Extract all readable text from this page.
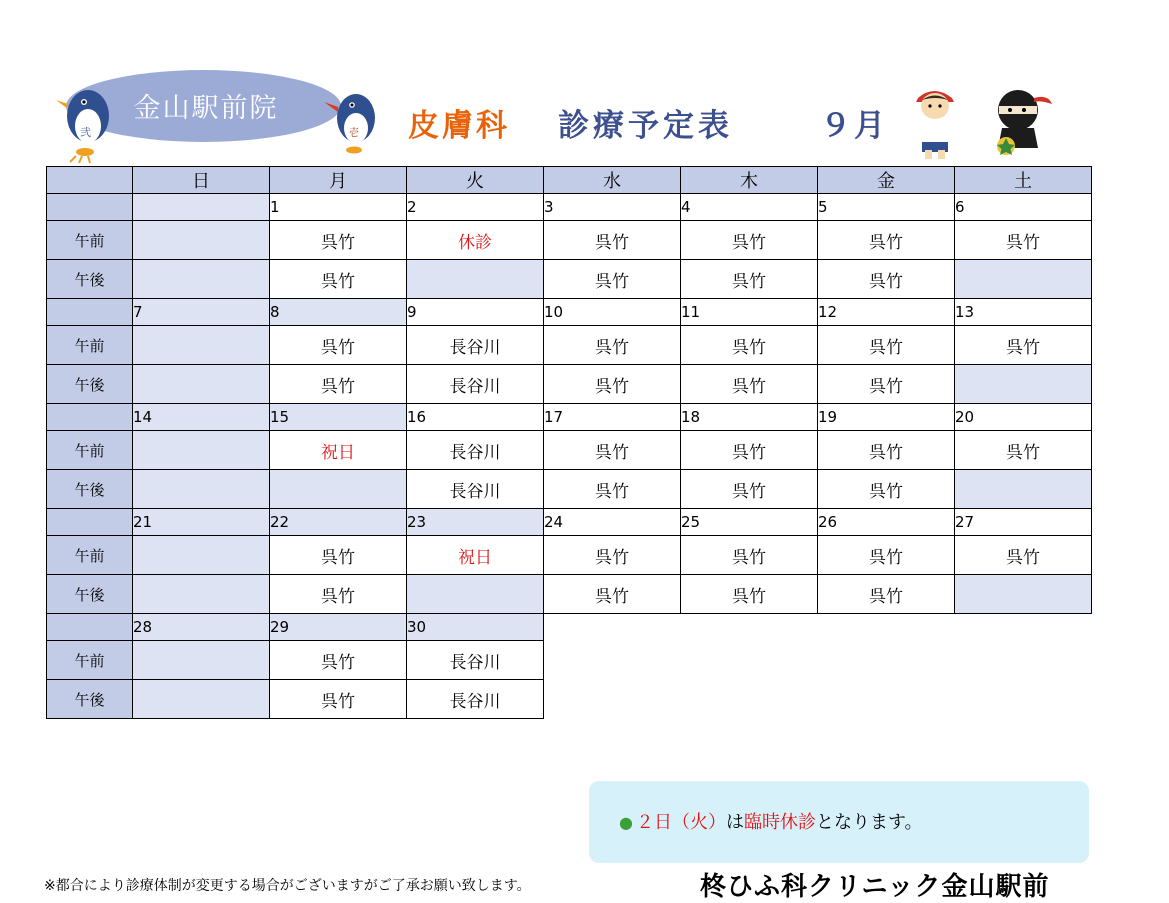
金山駅前院	皮膚科 診療予定表	９月
弐	壱
	日	月	火	水	木	金	土
		1	2	3	4	5	6
午前		呉竹	休診	呉竹	呉竹	呉竹	呉竹
午後		呉竹		呉竹	呉竹	呉竹	
	7	8	9	10	11	12	13
午前		呉竹	長谷川	呉竹	呉竹	呉竹	呉竹
午後		呉竹	長谷川	呉竹	呉竹	呉竹	
	14	15	16	17	18	19	20
午前		祝日	長谷川	呉竹	呉竹	呉竹	呉竹
午後			長谷川	呉竹	呉竹	呉竹	
	21	22	23	24	25	26	27
午前		呉竹	祝日	呉竹	呉竹	呉竹	呉竹
午後		呉竹		呉竹	呉竹	呉竹	
	28	29	30				
午前		呉竹	長谷川				
午後		呉竹	長谷川				
● ２日（火）は臨時休診となります。
※都合により診療体制が変更する場合がございますがご了承お願い致します。	柊ひふ科クリニック金山駅前
